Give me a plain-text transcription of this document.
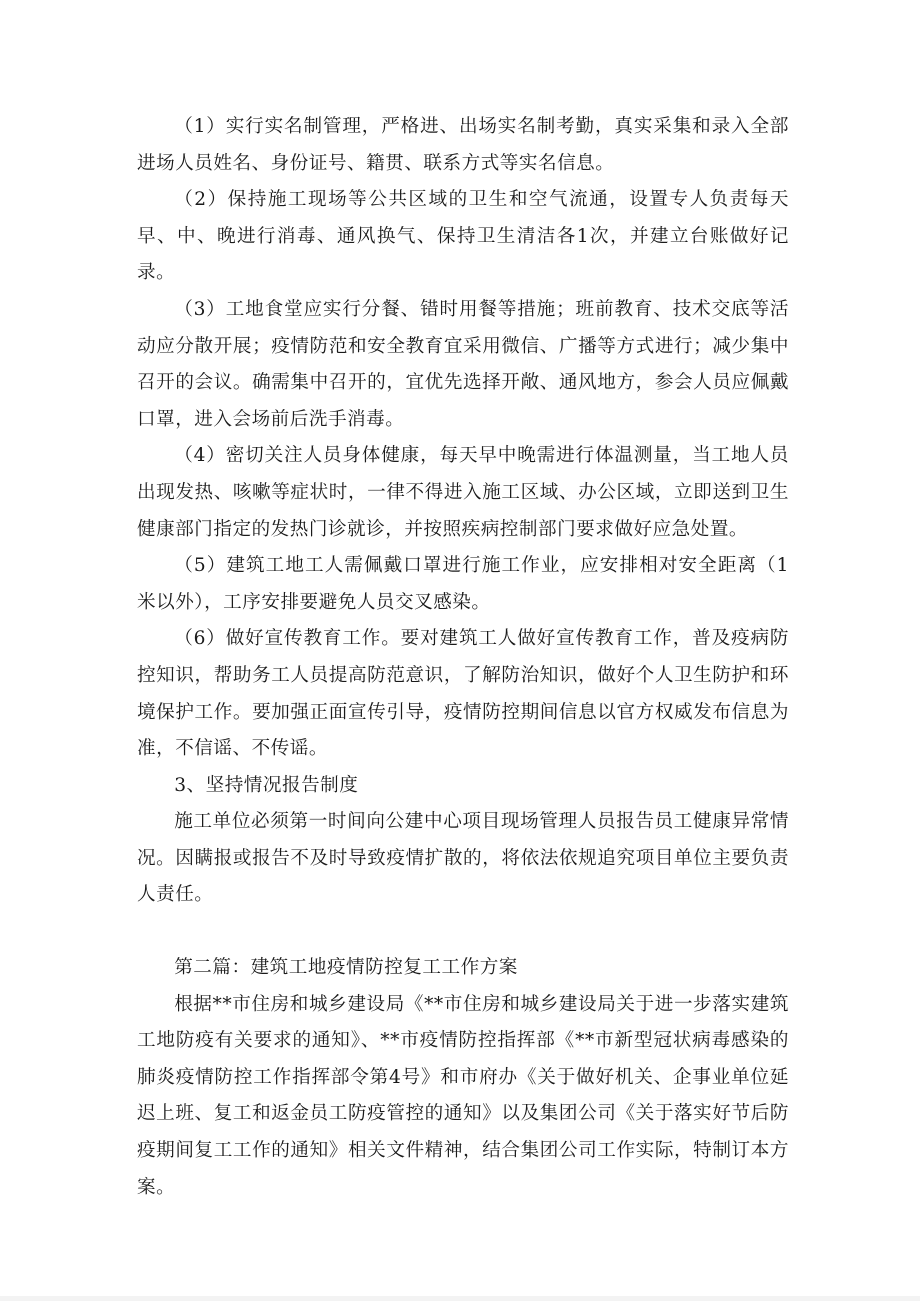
（1）实行实名制管理，严格进、出场实名制考勤，真实采集和录入全部进场人员姓名、身份证号、籍贯、联系方式等实名信息。

（2）保持施工现场等公共区域的卫生和空气流通，设置专人负责每天早、中、晚进行消毒、通风换气、保持卫生清洁各1次，并建立台账做好记录。

（3）工地食堂应实行分餐、错时用餐等措施；班前教育、技术交底等活动应分散开展；疫情防范和安全教育宜采用微信、广播等方式进行；减少集中召开的会议。确需集中召开的，宜优先选择开敞、通风地方，参会人员应佩戴口罩，进入会场前后洗手消毒。

（4）密切关注人员身体健康，每天早中晚需进行体温测量，当工地人员出现发热、咳嗽等症状时，一律不得进入施工区域、办公区域，立即送到卫生健康部门指定的发热门诊就诊，并按照疾病控制部门要求做好应急处置。

（5）建筑工地工人需佩戴口罩进行施工作业，应安排相对安全距离（1米以外），工序安排要避免人员交叉感染。

（6）做好宣传教育工作。要对建筑工人做好宣传教育工作，普及疫病防控知识，帮助务工人员提高防范意识，了解防治知识，做好个人卫生防护和环境保护工作。要加强正面宣传引导，疫情防控期间信息以官方权威发布信息为准，不信谣、不传谣。

3、坚持情况报告制度

施工单位必须第一时间向公建中心项目现场管理人员报告员工健康异常情况。因瞒报或报告不及时导致疫情扩散的，将依法依规追究项目单位主要负责人责任。

第二篇：建筑工地疫情防控复工工作方案

根据**市住房和城乡建设局《**市住房和城乡建设局关于进一步落实建筑工地防疫有关要求的通知》、**市疫情防控指挥部《**市新型冠状病毒感染的肺炎疫情防控工作指挥部令第4号》和市府办《关于做好机关、企事业单位延迟上班、复工和返金员工防疫管控的通知》以及集团公司《关于落实好节后防疫期间复工工作的通知》相关文件精神，结合集团公司工作实际，特制订本方案。
